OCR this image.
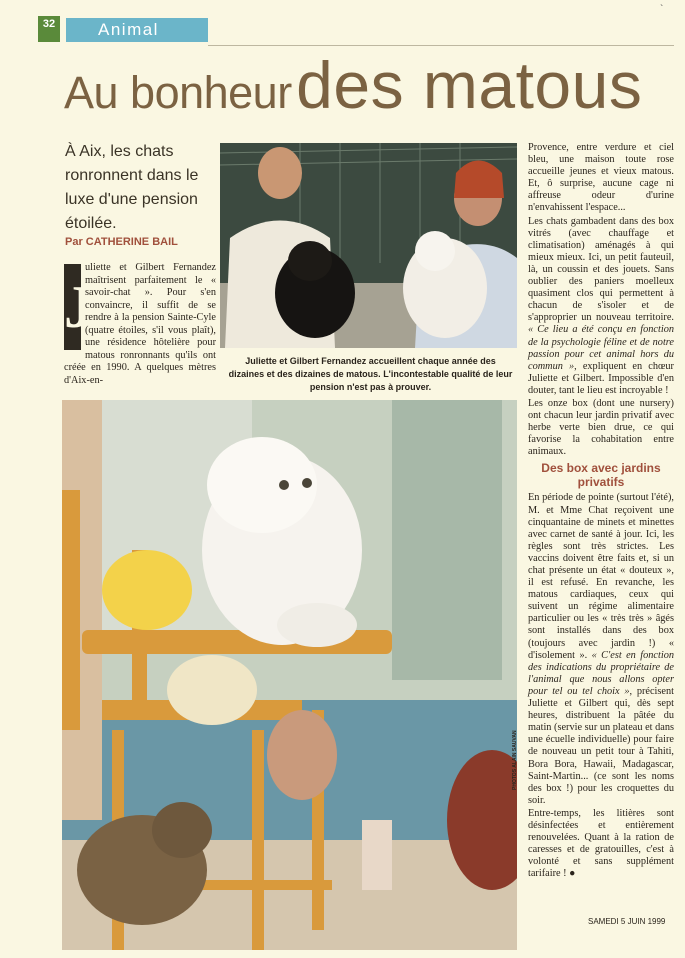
`
32	Animal
Au bonheur des matous
À Aix, les chats ronronnent dans le luxe d'une pension étoilée.
Par CATHERINE BAIL
J
uliette et Gilbert Fernandez maîtrisent parfaitement le « savoir-chat ». Pour s'en convaincre, il suffit de se rendre à la pension Sainte-Cyle (quatre étoiles, s'il vous plaît), une résidence hôtelière pour matous ronronnants qu'ils ont créée en 1990. A quelques mètres d'Aix-en-
Juliette et Gilbert Fernandez accueillent chaque année des dizaines et des dizaines de matous. L'incontestable qualité de leur pension n'est pas à prouver.
PHOTOS ALAIN SAUVAN

Provence, entre verdure et ciel bleu, une maison toute rose accueille jeunes et vieux matous. Et, ô surprise, aucune cage ni affreuse odeur d'urine n'envahissent l'espace...

Les chats gambadent dans des box vitrés (avec chauffage et climatisation) aménagés à qui mieux mieux. Ici, un petit fauteuil, là, un coussin et des jouets. Sans oublier des paniers moelleux quasiment clos qui permettent à chacun de s'isoler et de s'approprier un nouveau territoire. « Ce lieu a été conçu en fonction de la psychologie féline et de notre passion pour cet animal hors du commun », expliquent en chœur Juliette et Gilbert. Impossible d'en douter, tant le lieu est incroyable !

Les onze box (dont une nursery) ont chacun leur jardin privatif avec herbe verte bien drue, ce qui favorise la cohabitation entre animaux.

Des box avec jardins privatifs

En période de pointe (surtout l'été), M. et Mme Chat reçoivent une cinquantaine de minets et minettes avec carnet de santé à jour. Ici, les règles sont très strictes. Les vaccins doivent être faits et, si un chat présente un état « douteux », il est refusé. En revanche, les matous cardiaques, ceux qui suivent un régime alimentaire particulier ou les « très très » âgés sont installés dans des box (toujours avec jardin !) « d'isolement ». « C'est en fonction des indications du propriétaire de l'animal que nous allons opter pour tel ou tel choix », précisent Juliette et Gilbert qui, dès sept heures, distribuent la pâtée du matin (servie sur un plateau et dans une écuelle individuelle) pour faire de nouveau un petit tour à Tahiti, Bora Bora, Hawaii, Madagascar, Saint-Martin... (ce sont les noms des box !) pour les croquettes du soir.

Entre-temps, les litières sont désinfectées et entièrement renouvelées. Quant à la ration de caresses et de gratouilles, c'est à volonté et sans supplément tarifaire ! ●

SAMEDI 5 JUIN 1999
